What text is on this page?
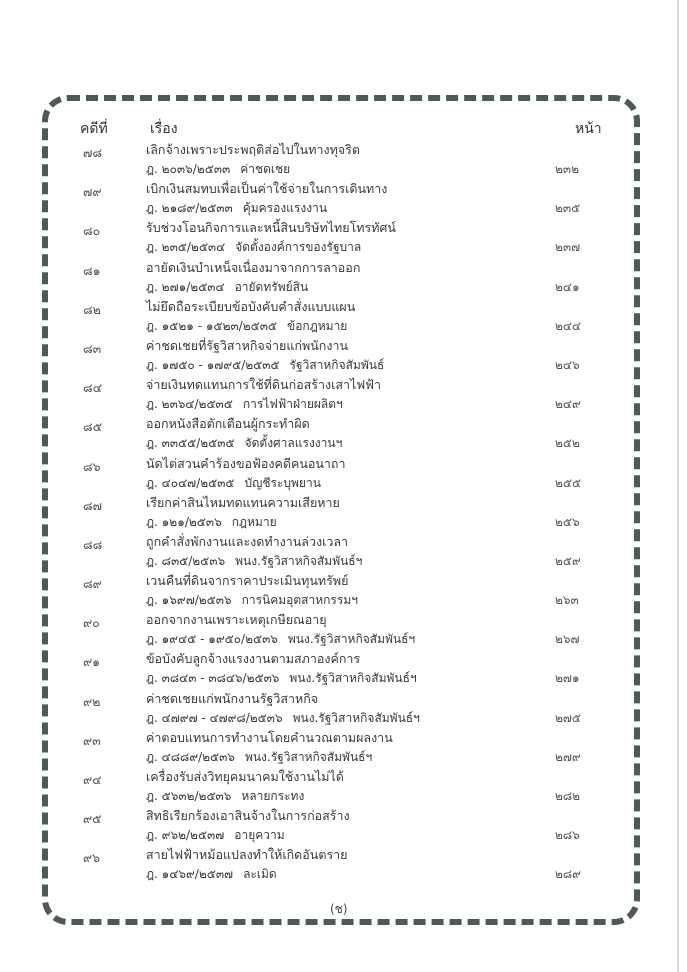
คดีที่	เรื่อง	หน้า
๗๘	เลิกจ้างเพราะประพฤติส่อไปในทางทุจริต
ฎ. ๒๐๓๖/๒๕๓๓ ค่าชดเชย	๒๓๒
๗๙	เบิกเงินสมทบเพื่อเป็นค่าใช้จ่ายในการเดินทาง
ฎ. ๒๑๘๙/๒๕๓๓ คุ้มครองแรงงาน	๒๓๕
๘๐	รับช่วงโอนกิจการและหนี้สินบริษัทไทยโทรทัศน์
ฎ. ๒๓๕/๒๕๓๔ จัดตั้งองค์การของรัฐบาล	๒๓๗
๘๑	อายัดเงินบำเหน็จเนื่องมาจากการลาออก
ฎ. ๒๗๑/๒๕๓๔ อายัดทรัพย์สิน	๒๔๑
๘๒	ไม่ยึดถือระเบียบข้อบังคับคำสั่งแบบแผน
ฎ. ๑๕๒๑ - ๑๕๒๓/๒๕๓๕ ข้อกฎหมาย	๒๔๔
๘๓	ค่าชดเชยที่รัฐวิสาหกิจจ่ายแก่พนักงาน
ฎ. ๑๗๕๐ - ๑๗๙๕/๒๕๓๕ รัฐวิสาหกิจสัมพันธ์	๒๔๖
๘๔	จ่ายเงินทดแทนการใช้ที่ดินก่อสร้างเสาไฟฟ้า
ฎ. ๒๓๖๔/๒๕๓๕ การไฟฟ้าฝ่ายผลิตฯ	๒๔๙
๘๕	ออกหนังสือตักเตือนผู้กระทำผิด
ฎ. ๓๓๕๕/๒๕๓๕ จัดตั้งศาลแรงงานฯ	๒๕๒
๘๖	นัดไต่สวนคำร้องขอฟ้องคดีคนอนาถา
ฎ. ๔๐๔๗/๒๕๓๕ บัญชีระบุพยาน	๒๕๕
๘๗	เรียกค่าสินไหมทดแทนความเสียหาย
ฎ. ๑๒๑/๒๕๓๖ กฎหมาย	๒๕๖
๘๘	ถูกคำสั่งพักงานและงดทำงานล่วงเวลา
ฎ. ๘๓๕/๒๕๓๖ พนง.รัฐวิสาหกิจสัมพันธ์ฯ	๒๕๙
๘๙	เวนคืนที่ดินจากราคาประเมินทุนทรัพย์
ฎ. ๑๖๙๗/๒๕๓๖ การนิคมอุตสาหกรรมฯ	๒๖๓
๙๐	ออกจากงานเพราะเหตุเกษียณอายุ
ฎ. ๑๙๔๕ - ๑๙๕๐/๒๕๓๖ พนง.รัฐวิสาหกิจสัมพันธ์ฯ	๒๖๗
๙๑	ข้อบังคับลูกจ้างแรงงานตามสภาองค์การ
ฎ. ๓๘๔๓ - ๓๘๔๖/๒๕๓๖ พนง.รัฐวิสาหกิจสัมพันธ์ฯ	๒๗๑
๙๒	ค่าชดเชยแก่พนักงานรัฐวิสาหกิจ
ฎ. ๔๗๙๗ - ๔๗๙๘/๒๕๓๖ พนง.รัฐวิสาหกิจสัมพันธ์ฯ	๒๗๕
๙๓	ค่าตอบแทนการทำงานโดยคำนวณตามผลงาน
ฎ. ๔๘๘๙/๒๕๓๖ พนง.รัฐวิสาหกิจสัมพันธ์ฯ	๒๗๙
๙๔	เครื่องรับส่งวิทยุคมนาคมใช้งานไม่ได้
ฎ. ๕๖๓๒/๒๕๓๖ หลายกระทง	๒๘๒
๙๕	สิทธิเรียกร้องเอาสินจ้างในการก่อสร้าง
ฎ. ๙๖๒/๒๕๓๗ อายุความ	๒๘๖
๙๖	สายไฟฟ้าหม้อแปลงทำให้เกิดอันตราย
ฎ. ๑๔๖๙/๒๕๓๗ ละเมิด	๒๘๙
(ช)
